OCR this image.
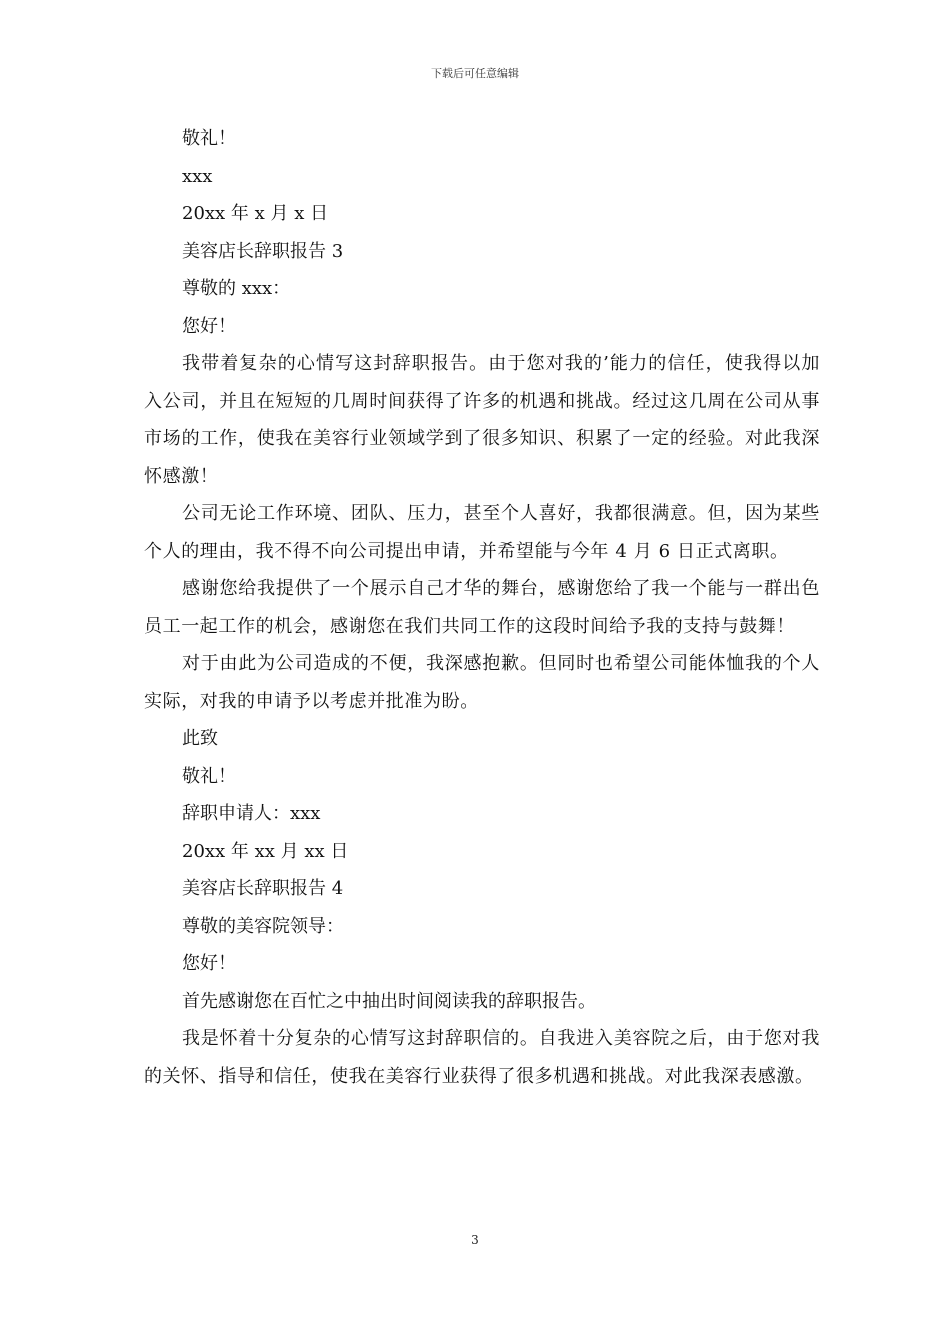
下载后可任意编辑

敬礼！

xxx

20xx 年 x 月 x 日

美容店长辞职报告 3

尊敬的 xxx：

您好！

我带着复杂的心情写这封辞职报告。由于您对我的’能力的信任，使我得以加入公司，并且在短短的几周时间获得了许多的机遇和挑战。经过这几周在公司从事市场的工作，使我在美容行业领域学到了很多知识、积累了一定的经验。对此我深怀感激！

公司无论工作环境、团队、压力，甚至个人喜好，我都很满意。但，因为某些个人的理由，我不得不向公司提出申请，并希望能与今年 4 月 6 日正式离职。

感谢您给我提供了一个展示自己才华的舞台，感谢您给了我一个能与一群出色员工一起工作的机会，感谢您在我们共同工作的这段时间给予我的支持与鼓舞！

对于由此为公司造成的不便，我深感抱歉。但同时也希望公司能体恤我的个人实际，对我的申请予以考虑并批准为盼。

此致

敬礼！

辞职申请人：xxx

20xx 年 xx 月 xx 日

美容店长辞职报告 4

尊敬的美容院领导：

您好！

首先感谢您在百忙之中抽出时间阅读我的辞职报告。

我是怀着十分复杂的心情写这封辞职信的。自我进入美容院之后，由于您对我的关怀、指导和信任，使我在美容行业获得了很多机遇和挑战。对此我深表感激。

3
